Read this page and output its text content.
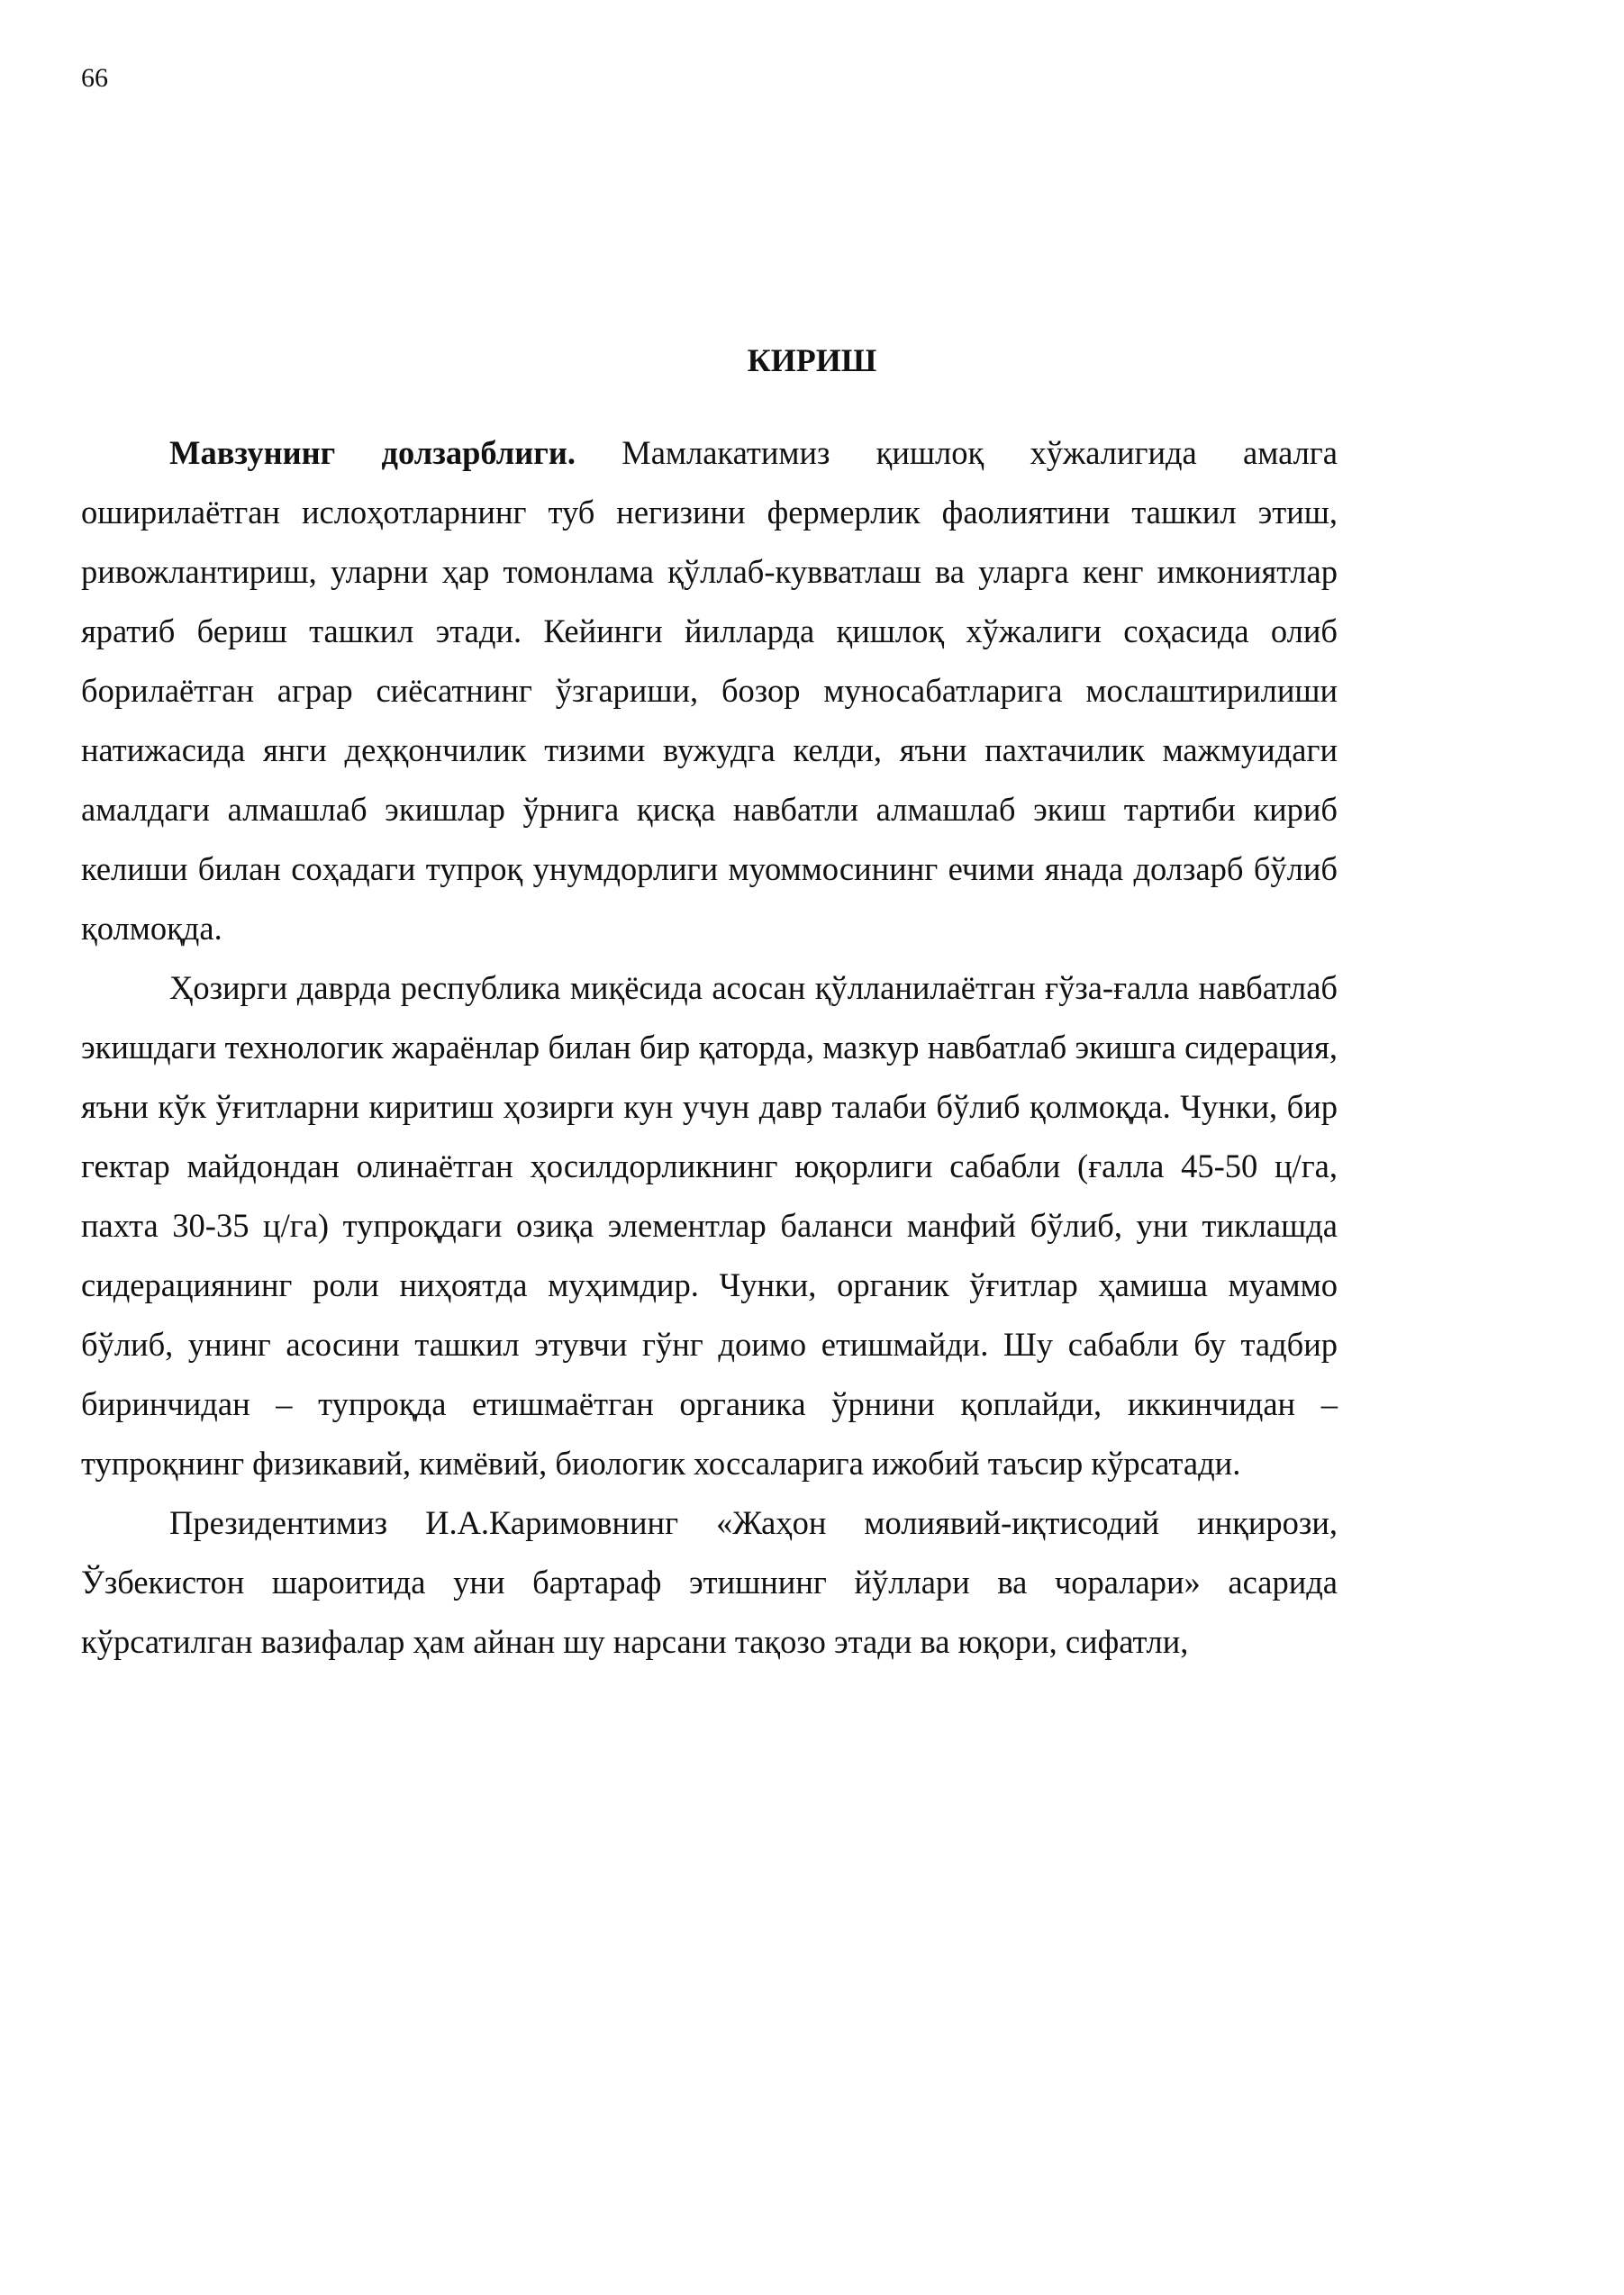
66
КИРИШ

Мавзунинг долзарблиги. Мамлакатимиз қишлоқ хўжалигида амалга оширилаётган ислоҳотларнинг туб негизини фермерлик фаолиятини ташкил этиш, ривожлантириш, уларни ҳар томонлама қўллаб-кувватлаш ва уларга кенг имкониятлар яратиб бериш ташкил этади. Кейинги йилларда қишлоқ хўжалиги соҳасида олиб борилаётган аграр сиёсатнинг ўзгариши, бозор муносабатларига мослаштирилиши натижасида янги деҳқончилик тизими вужудга келди, яъни пахтачилик мажмуидаги амалдаги алмашлаб экишлар ўрнига қисқа навбатли алмашлаб экиш тартиби кириб келиши билан соҳадаги тупроқ унумдорлиги муоммосининг ечими янада долзарб бўлиб қолмоқда.

Ҳозирги даврда республика миқёсида асосан қўлланилаётган ғўза-ғалла навбатлаб экишдаги технологик жараёнлар билан бир қаторда, мазкур навбатлаб экишга сидерация, яъни кўк ўғитларни киритиш ҳозирги кун учун давр талаби бўлиб қолмоқда. Чунки, бир гектар майдондан олинаётган ҳосилдорликнинг юқорлиги сабабли (ғалла 45-50 ц/га, пахта 30-35 ц/га) тупроқдаги озиқа элементлар баланси манфий бўлиб, уни тиклашда сидерациянинг роли ниҳоятда муҳимдир. Чунки, органик ўғитлар ҳамиша муаммо бўлиб, унинг асосини ташкил этувчи гўнг доимо етишмайди. Шу сабабли бу тадбир биринчидан – тупроқда етишмаётган органика ўрнини қоплайди, иккинчидан – тупроқнинг физикавий, кимёвий, биологик хоссаларига ижобий таъсир кўрсатади.

Президентимиз И.А.Каримовнинг «Жаҳон молиявий-иқтисодий инқирози, Ўзбекистон шароитида уни бартараф этишнинг йўллари ва чоралари» асарида кўрсатилган вазифалар ҳам айнан шу нарсани тақозо этади ва юқори, сифатли,
